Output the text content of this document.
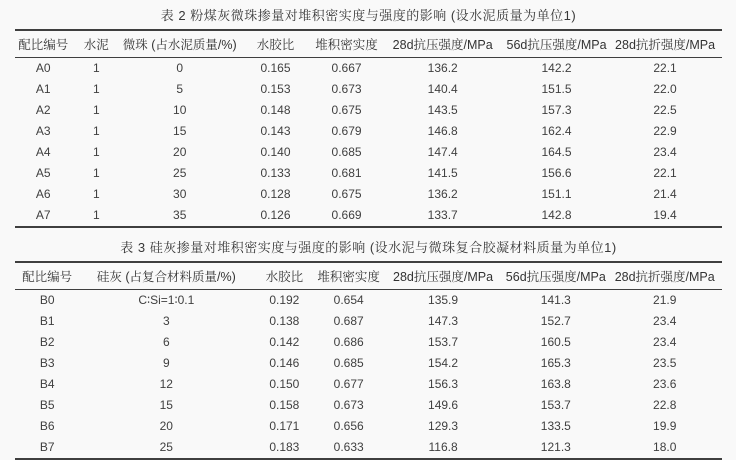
表 2 粉煤灰微珠掺量对堆积密实度与强度的影响 (设水泥质量为单位1)
配比编号	水泥	微珠 (占水泥质量/%)	水胶比	堆积密实度	28d抗压强度/MPa	56d抗压强度/MPa	28d抗折强度/MPa
A0	1	0	0.165	0.667	136.2	142.2	22.1
A1	1	5	0.153	0.673	140.4	151.5	22.0
A2	1	10	0.148	0.675	143.5	157.3	22.5
A3	1	15	0.143	0.679	146.8	162.4	22.9
A4	1	20	0.140	0.685	147.4	164.5	23.4
A5	1	25	0.133	0.681	141.5	156.6	22.1
A6	1	30	0.128	0.675	136.2	151.1	21.4
A7	1	35	0.126	0.669	133.7	142.8	19.4
表 3 硅灰掺量对堆积密实度与强度的影响 (设水泥与微珠复合胶凝材料质量为单位1)
配比编号	硅灰 (占复合材料质量/%)	水胶比	堆积密实度	28d抗压强度/MPa	56d抗压强度/MPa	28d抗折强度/MPa
B0	C∶Si=1∶0.1	0.192	0.654	135.9	141.3	21.9
B1	3	0.138	0.687	147.3	152.7	23.4
B2	6	0.142	0.686	153.7	160.5	23.4
B3	9	0.146	0.685	154.2	165.3	23.5
B4	12	0.150	0.677	156.3	163.8	23.6
B5	15	0.158	0.673	149.6	153.7	22.8
B6	20	0.171	0.656	129.3	133.5	19.9
B7	25	0.183	0.633	116.8	121.3	18.0
